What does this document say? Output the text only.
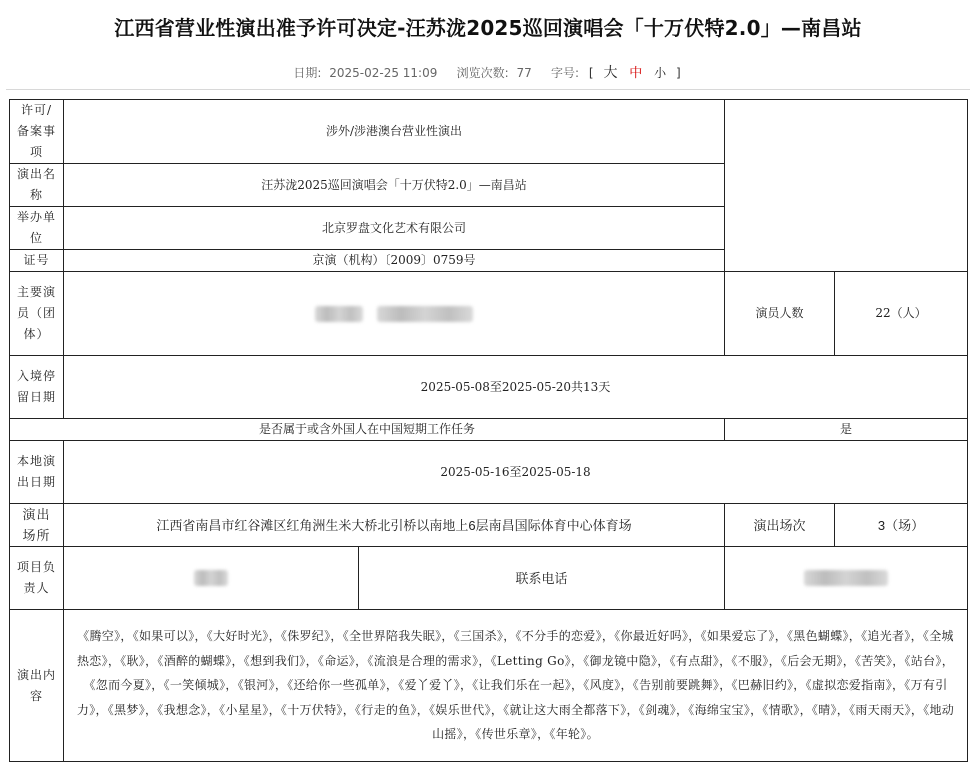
江西省营业性演出准予许可决定-汪苏泷2025巡回演唱会「十万伏特2.0」—南昌站
日期: 2025-02-25 11:09 浏览次数: 77 字号: [ 大 中 小 ]
许可/备案事项	涉外/涉港澳台营业性演出			
演出名称	汪苏泷2025巡回演唱会「十万伏特2.0」—南昌站			
举办单位	北京罗盘文化艺术有限公司			
证号	京演（机构）〔2009〕0759号			
主要演员（团体）			演员人数	22（人）
入境停留日期	2025-05-08至2025-05-20共13天			
是否属于或含外国人在中国短期工作任务			是	
本地演出日期	2025-05-16至2025-05-18			
演出场所	江西省南昌市红谷滩区红角洲生米大桥北引桥以南地上6层南昌国际体育中心体育场		演出场次	3（场）
项目负责人		联系电话		
演出内容	《腾空》，《如果可以》，《大好时光》，《侏罗纪》，《全世界陪我失眠》，《三国杀》，《不分手的恋爱》，《你最近好吗》，《如果爱忘了》，《黑色蝴蝶》，《追光者》，《全城热恋》，《耿》，《酒醉的蝴蝶》，《想到我们》，《命运》，《流浪是合理的需求》，《Letting Go》，《御龙镜中隐》，《有点甜》，《不服》，《后会无期》，《苦笑》，《站台》，《忽而今夏》，《一笑倾城》，《银河》，《还给你一些孤单》，《爱丫爱丫》，《让我们乐在一起》，《风度》，《告别前要跳舞》，《巴赫旧约》，《虚拟恋爱指南》，《万有引力》，《黑梦》，《我想念》，《小星星》，《十万伏特》，《行走的鱼》，《娱乐世代》，《就让这大雨全都落下》，《剑魂》，《海绵宝宝》，《情歌》，《晴》，《雨天雨天》，《地动山摇》，《传世乐章》，《年轮》。			
